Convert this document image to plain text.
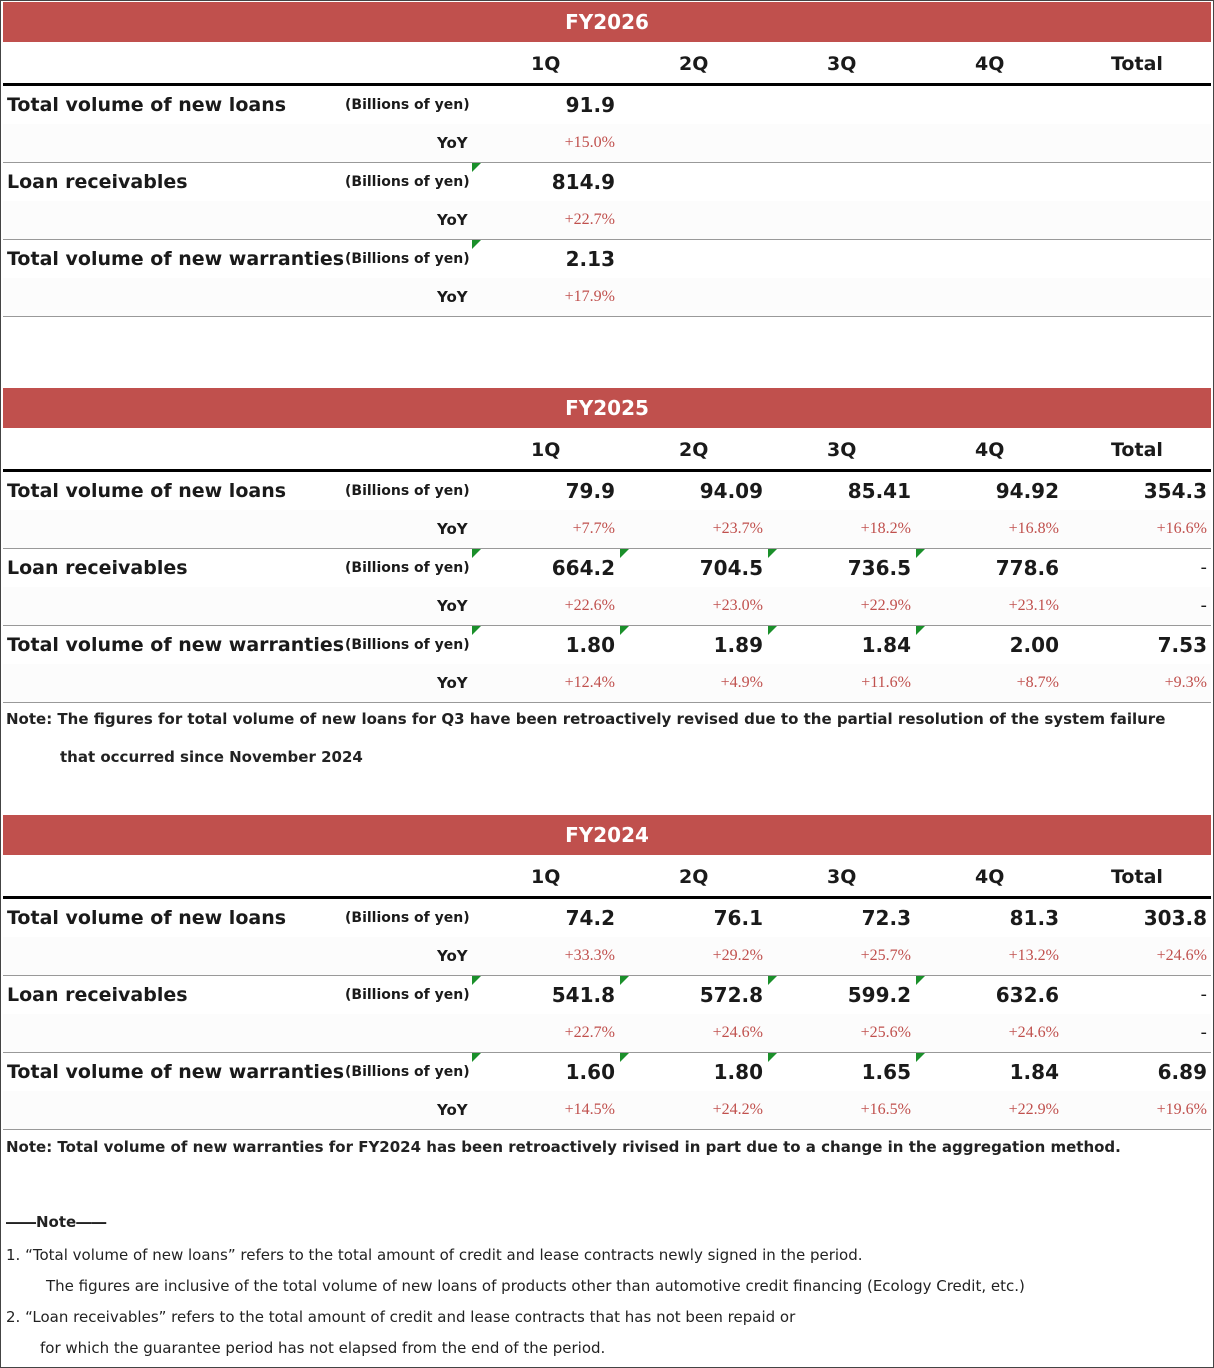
FY2026
1Q	2Q	3Q	4Q	Total
Total volume of new loans	(Billions of yen)	91.9
YoY	+15.0%
Loan receivables	(Billions of yen)	814.9
YoY	+22.7%
Total volume of new warranties (Billions of yen)	2.13
YoY	+17.9%
FY2025
1Q	2Q	3Q	4Q	Total
Total volume of new loans	(Billions of yen)	79.9	94.09	85.41	94.92	354.3
YoY	+7.7%	+23.7%	+18.2%	+16.8%	+16.6%
Loan receivables	(Billions of yen)	664.2	704.5	736.5	778.6	-
YoY	+22.6%	+23.0%	+22.9%	+23.1%	-
Total volume of new warranties (Billions of yen)	1.80	1.89	1.84	2.00	7.53
YoY	+12.4%	+4.9%	+11.6%	+8.7%	+9.3%
Note: The figures for total volume of new loans for Q3 have been retroactively revised due to the partial resolution of the system failure
that occurred since November 2024
FY2024
1Q	2Q	3Q	4Q	Total
Total volume of new loans	(Billions of yen)	74.2	76.1	72.3	81.3	303.8
YoY	+33.3%	+29.2%	+25.7%	+13.2%	+24.6%
Loan receivables	(Billions of yen)	541.8	572.8	599.2	632.6	-
+22.7%	+24.6%	+25.6%	+24.6%	-
Total volume of new warranties (Billions of yen)	1.60	1.80	1.65	1.84	6.89
YoY	+14.5%	+24.2%	+16.5%	+22.9%	+19.6%
Note: Total volume of new warranties for FY2024 has been retroactively rivised in part due to a change in the aggregation method.
――Note――
1. “Total volume of new loans” refers to the total amount of credit and lease contracts newly signed in the period.
The figures are inclusive of the total volume of new loans of products other than automotive credit financing (Ecology Credit, etc.)
2. “Loan receivables” refers to the total amount of credit and lease contracts that has not been repaid or
for which the guarantee period has not elapsed from the end of the period.
